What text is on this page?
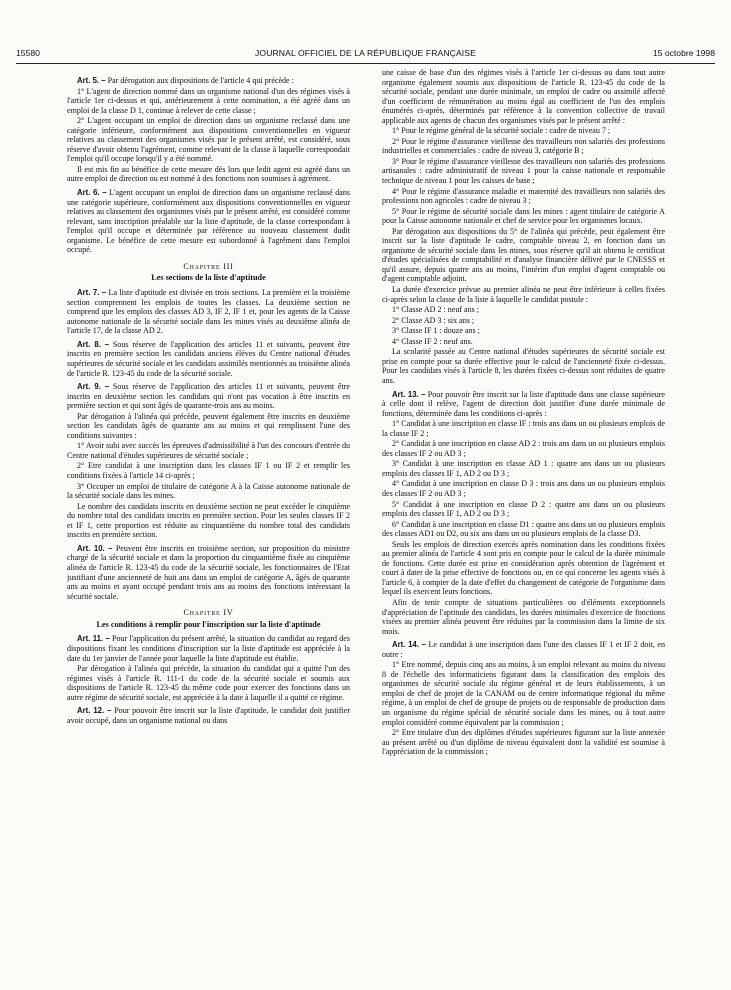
15580	JOURNAL OFFICIEL DE LA RÉPUBLIQUE FRANÇAISE	15 octobre 1998

Art. 5. – Par dérogation aux dispositions de l'article 4 qui précède :

1° L'agent de direction nommé dans un organisme national d'un des régimes visés à l'article 1er ci-dessus et qui, antérieurement à cette nomination, a été agréé dans un emploi de la classe D 1, continue à relever de cette classe ;

2° L'agent occupant un emploi de direction dans un organisme reclassé dans une catégorie inférieure, conformément aux dispositions conventionnelles en vigueur relatives au classement des organismes visés par le présent arrêté, est considéré, sous réserve d'avoir obtenu l'agrément, comme relevant de la classe à laquelle correspondait l'emploi qu'il occupe lorsqu'il y a été nommé.

Il est mis fin au bénéfice de cette mesure dès lors que ledit agent est agréé dans un autre emploi de direction ou est nommé à des fonctions non soumises à agrément.

Art. 6. – L'agent occupant un emploi de direction dans un organisme reclassé dans une catégorie supérieure, conformément aux dispositions conventionnelles en vigueur relatives au classement des organismes visés par le présent arrêté, est considéré comme relevant, sans inscription préalable sur la liste d'aptitude, de la classe correspondant à l'emploi qu'il occupe et déterminée par référence au nouveau classement dudit organisme. Le bénéfice de cette mesure est subordonné à l'agrément dans l'emploi occupé.

Chapitre III
Les sections de la liste d'aptitude

Art. 7. – La liste d'aptitude est divisée en trois sections. La première et la troisième section comprennent les emplois de toutes les classes. La deuxième section ne comprend que les emplois des classes AD 3, IF 2, IF 1 et, pour les agents de la Caisse autonome nationale de la sécurité sociale dans les mines visés au deuxième alinéa de l'article 17, de la classe AD 2.

Art. 8. – Sous réserve de l'application des articles 11 et suivants, peuvent être inscrits en première section les candidats anciens élèves du Centre national d'études supérieures de sécurité sociale et les candidats assimilés mentionnés au troisième alinéa de l'article R. 123-45 du code de la sécurité sociale.

Art. 9. – Sous réserve de l'application des articles 11 et suivants, peuvent être inscrits en deuxième section les candidats qui n'ont pas vocation à être inscrits en première section et qui sont âgés de quarante-trois ans au moins.

Par dérogation à l'alinéa qui précède, peuvent également être inscrits en deuxième section les candidats âgés de quarante ans au moins et qui remplissent l'une des conditions suivantes :

1° Avoir subi avec succès les épreuves d'admissibilité à l'un des concours d'entrée du Centre national d'études supérieures de sécurité sociale ;

2° Etre candidat à une inscription dans les classes IF 1 ou IF 2 et remplir les conditions fixées à l'article 14 ci-après ;

3° Occuper un emploi de titulaire de catégorie A à la Caisse autonome nationale de la sécurité sociale dans les mines.

Le nombre des candidats inscrits en deuxième section ne peut excéder le cinquième du nombre total des candidats inscrits en première section. Pour les seules classes IF 2 et IF 1, cette proportion est réduite au cinquantième du nombre total des candidats inscrits en première section.

Art. 10. – Peuvent être inscrits en troisième section, sur proposition du ministre chargé de la sécurité sociale et dans la proportion du cinquantième fixée au cinquième alinéa de l'article R. 123-45 du code de la sécurité sociale, les fonctionnaires de l'Etat justifiant d'une ancienneté de huit ans dans un emploi de catégorie A, âgés de quarante ans au moins et ayant occupé pendant trois ans au moins des fonctions intéressant la sécurité sociale.

Chapitre IV
Les conditions à remplir pour l'inscription sur la liste d'aptitude

Art. 11. – Pour l'application du présent arrêté, la situation du candidat au regard des dispositions fixant les conditions d'inscription sur la liste d'aptitude est appréciée à la date du 1er janvier de l'année pour laquelle la liste d'aptitude est établie.

Par dérogation à l'alinéa qui précède, la situation du candidat qui a quitté l'un des régimes visés à l'article R. 111-1 du code de la sécurité sociale et soumis aux dispositions de l'article R. 123-45 du même code pour exercer des fonctions dans un autre régime de sécurité sociale, est appréciée à la date à laquelle il a quitté ce régime.

Art. 12. – Pour pouvoir être inscrit sur la liste d'aptitude, le candidat doit justifier avoir occupé, dans un organisme national ou dans

une caisse de base d'un des régimes visés à l'article 1er ci-dessus ou dans tout autre organisme également soumis aux dispositions de l'article R. 123-45 du code de la sécurité sociale, pendant une durée minimale, un emploi de cadre ou assimilé affecté d'un coefficient de rémunération au moins égal au coefficient de l'un des emplois énumérés ci-après, déterminés par référence à la convention collective de travail applicable aux agents de chacun des organismes visés par le présent arrêté :

1° Pour le régime général de la sécurité sociale : cadre de niveau 7 ;

2° Pour le régime d'assurance vieillesse des travailleurs non salariés des professions industrielles et commerciales : cadre de niveau 3, catégorie B ;

3° Pour le régime d'assurance vieillesse des travailleurs non salariés des professions artisanales : cadre administratif de niveau 1 pour la caisse nationale et responsable technique de niveau 1 pour les caisses de base ;

4° Pour le régime d'assurance maladie et maternité des travailleurs non salariés des professions non agricoles : cadre de niveau 3 ;

5° Pour le régime de sécurité sociale dans les mines : agent titulaire de catégorie A pour la Caisse autonome nationale et chef de service pour les organismes locaux.

Par dérogation aux dispositions du 5° de l'alinéa qui précède, peut également être inscrit sur la liste d'aptitude le cadre, comptable niveau 2, en fonction dans un organisme de sécurité sociale dans les mines, sous réserve qu'il ait obtenu le certificat d'études spécialisées de comptabilité et d'analyse financière délivré par le CNESSS et qu'il assure, depuis quatre ans au moins, l'intérim d'un emploi d'agent comptable ou d'agent comptable adjoint.

La durée d'exercice prévue au premier alinéa ne peut être inférieure à celles fixées ci-après selon la classe de la liste à laquelle le candidat postule :

1° Classe AD 2 : neuf ans ;

2° Classe AD 3 : six ans ;

3° Classe IF 1 : douze ans ;

4° Classe IF 2 : neuf ans.

La scolarité passée au Centre national d'études supérieures de sécurité sociale est prise en compte pour sa durée effective pour le calcul de l'ancienneté fixée ci-dessus. Pour les candidats visés à l'article 8, les durées fixées ci-dessus sont réduites de quatre ans.

Art. 13. – Pour pouvoir être inscrit sur la liste d'aptitude dans une classe supérieure à celle dont il relève, l'agent de direction doit justifier d'une durée minimale de fonctions, déterminée dans les conditions ci-après :

1° Candidat à une inscription en classe IF : trois ans dans un ou plusieurs emplois de la classe IF 2 ;

2° Candidat à une inscription en classe AD 2 : trois ans dans un ou plusieurs emplois des classes IF 2 ou AD 3 ;

3° Candidat à une inscription en classe AD 1 : quatre ans dans un ou plusieurs emplois des classes IF 1, AD 2 ou D 3 ;

4° Candidat à une inscription en classe D 3 : trois ans dans un ou plusieurs emplois des classes IF 2 ou AD 3 ;

5° Candidat à une inscription en classe D 2 : quatre ans dans un ou plusieurs emplois des classes IF 1, AD 2 ou D 3 ;

6° Candidat à une inscription en classe D1 : quatre ans dans un ou plusieurs emplois des classes AD1 ou D2, ou six ans dans un ou plusieurs emplois de la classe D3.

Seuls les emplois de direction exercés après nomination dans les conditions fixées au premier alinéa de l'article 4 sont pris en compte pour le calcul de la durée minimale de fonctions. Cette durée est prise en considération après obtention de l'agrément et court à dater de la prise effective de fonctions ou, en ce qui concerne les agents visés à l'article 6, à compter de la date d'effet du changement de catégorie de l'organisme dans lequel ils exercent leurs fonctions.

Afin de tenir compte de situations particulières ou d'éléments exceptionnels d'appréciation de l'aptitude des candidats, les durées minimales d'exercice de fonctions visées au premier alinéa peuvent être réduites par la commission dans la limite de six mois.

Art. 14. – Le candidat à une inscription dans l'une des classes IF 1 et IF 2 doit, en outre :

1° Etre nommé, depuis cinq ans au moins, à un emploi relevant au moins du niveau 8 de l'échelle des informaticiens figurant dans la classification des emplois des organismes de sécurité sociale du régime général et de leurs établissements, à un emploi de chef de projet de la CANAM ou de centre informatique régional du même régime, à un emploi de chef de groupe de projets ou de responsable de production dans un organisme du régime spécial de sécurité sociale dans les mines, ou à tout autre emploi considéré comme équivalent par la commission ;

2° Etre titulaire d'un des diplômes d'études supérieures figurant sur la liste annexée au présent arrêté ou d'un diplôme de niveau équivalent dont la validité est soumise à l'appréciation de la commission ;
